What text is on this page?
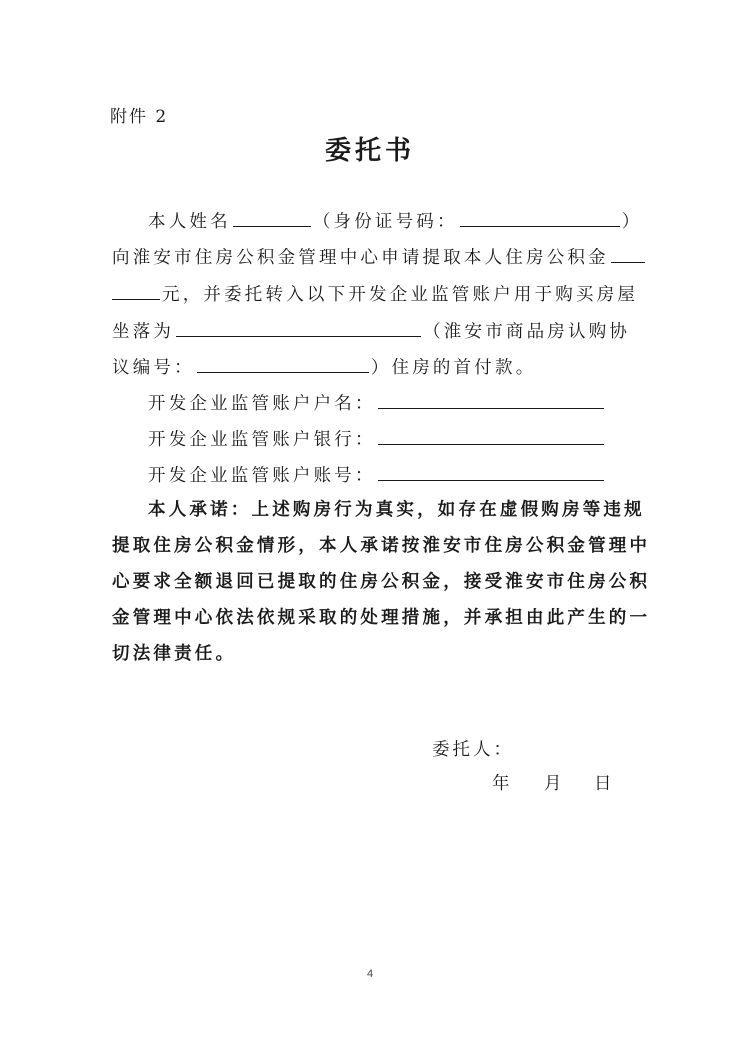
附件 2
委托书
本人姓名	（身份证号码：	）
向淮安市住房公积金管理中心申请提取本人住房公积金
元，并委托转入以下开发企业监管账户用于购买房屋
坐落为	（淮安市商品房认购协
议编号：	）住房的首付款。
开发企业监管账户户名：
开发企业监管账户银行：
开发企业监管账户账号：
本人承诺：上述购房行为真实，如存在虚假购房等违规
提取住房公积金情形，本人承诺按淮安市住房公积金管理中
心要求全额退回已提取的住房公积金，接受淮安市住房公积
金管理中心依法依规采取的处理措施，并承担由此产生的一
切法律责任。
委托人：
年 月 日
4
